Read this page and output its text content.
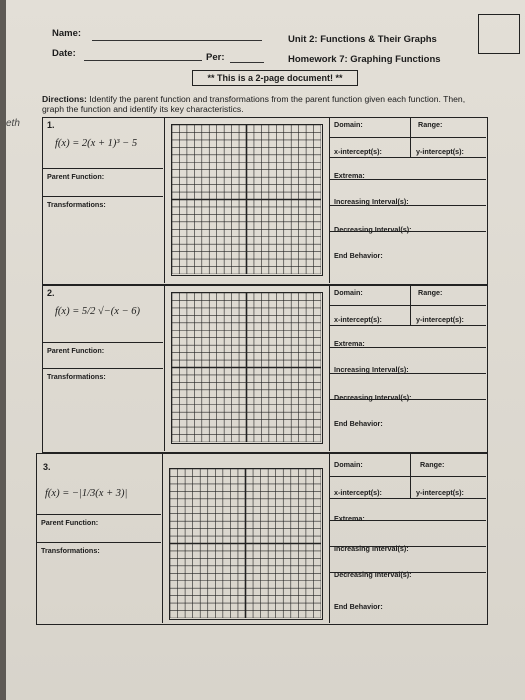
Name:
Date:	Per:
Unit 2: Functions & Their Graphs
Homework 7: Graphing Functions
** This is a 2-page document! **
eth
Directions: Identify the parent function and transformations from the parent function given each function. Then, graph the function and identify its key characteristics.
1.
f(x) = 2(x + 1)³ − 5
Parent Function:
Transformations:
Domain:	Range:
x-intercept(s):	y-intercept(s):
Extrema:
Increasing Interval(s):
Decreasing Interval(s):
End Behavior:
2.
f(x) = 5/2 √−(x − 6)
Parent Function:
Transformations:
Domain:	Range:
x-intercept(s):	y-intercept(s):
Extrema:
Increasing Interval(s):
Decreasing Interval(s):
End Behavior:
3.
f(x) = −|1/3(x + 3)|
Parent Function:
Transformations:
Domain:	Range:
x-intercept(s):	y-intercept(s):
Extrema:
Increasing Interval(s):
Decreasing Interval(s):
End Behavior:
